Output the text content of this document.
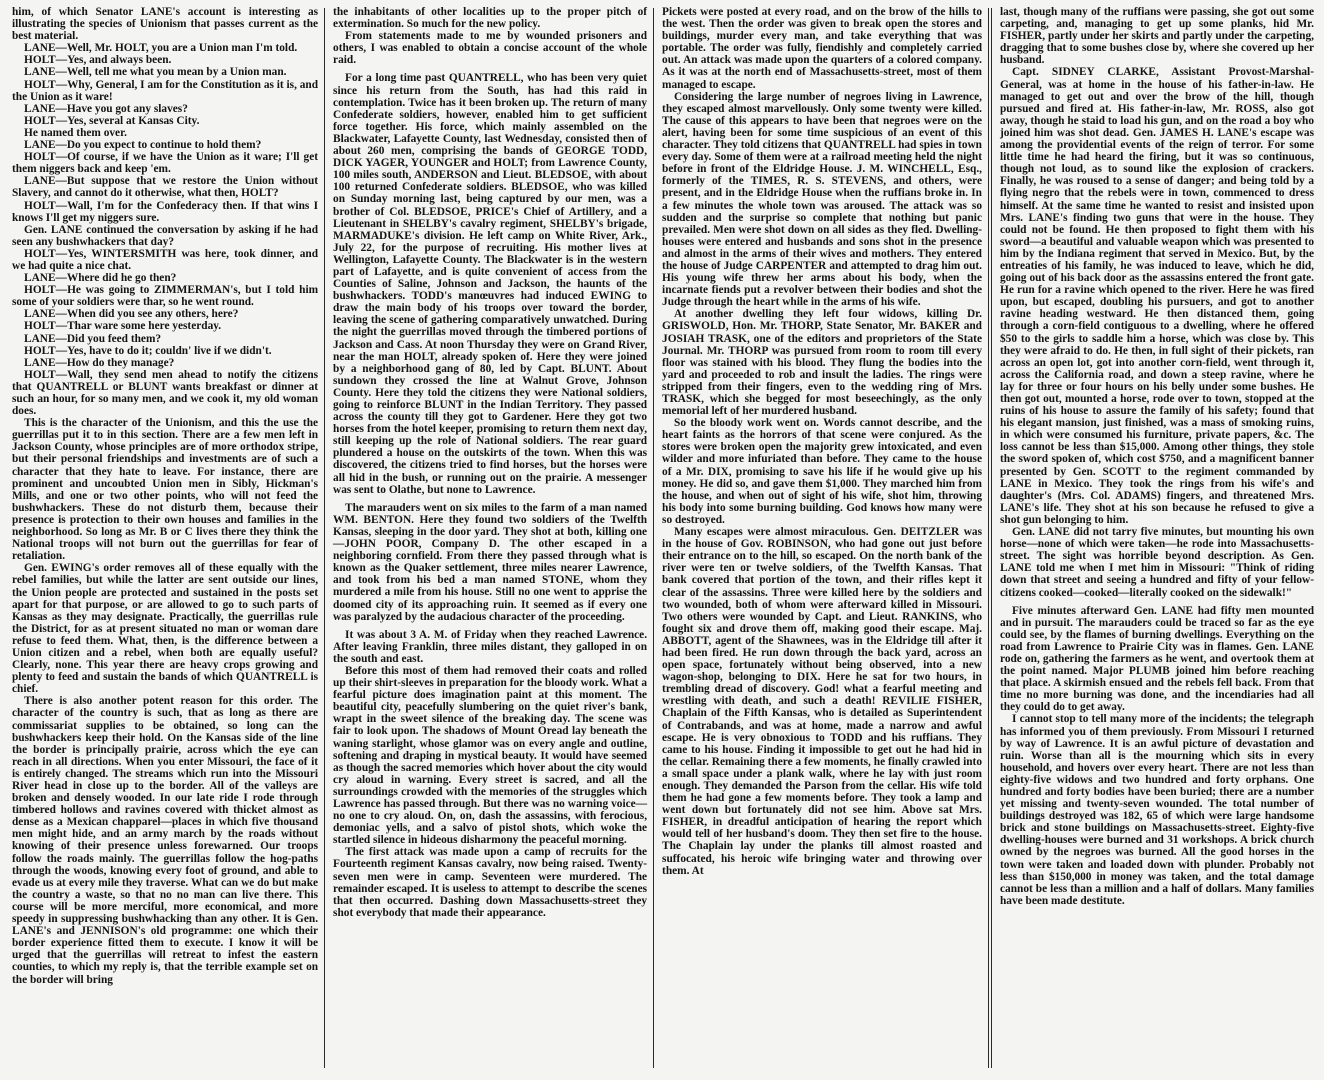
him, of which Senator LANE's account is interesting as illustrating the species of Unionism that passes current as the best material.

LANE—Well, Mr. HOLT, you are a Union man I'm told.

HOLT—Yes, and always been.

LANE—Well, tell me what you mean by a Union man.

HOLT—Why, General, I am for the Constitution as it is, and the Union as it ware!

LANE—Have you got any slaves?

HOLT—Yes, several at Kansas City.

He named them over.

LANE—Do you expect to continue to hold them?

HOLT—Of course, if we have the Union as it ware; I'll get them niggers back and keep 'em.

LANE—But suppose that we restore the Union without Slavery, and cannot do it otherwise, what then, HOLT?

HOLT—Wall, I'm for the Confederacy then. If that wins I knows I'll get my niggers sure.

Gen. LANE continued the conversation by asking if he had seen any bushwhackers that day?

HOLT—Yes, WINTERSMITH was here, took dinner, and we had quite a nice chat.

LANE—Where did he go then?

HOLT—He was going to ZIMMERMAN's, but I told him some of your soldiers were thar, so he went round.

LANE—When did you see any others, here?

HOLT—Thar ware some here yesterday.

LANE—Did you feed them?

HOLT—Yes, have to do it; couldn' live if we didn't.

LANE—How do they manage?

HOLT—Wall, they send men ahead to notify the citizens that QUANTRELL or BLUNT wants breakfast or dinner at such an hour, for so many men, and we cook it, my old woman does.

This is the character of the Unionism, and this the use the guerrillas put it to in this section. There are a few men left in Jackson County, whose principles are of more orthodox stripe, but their personal friendships and investments are of such a character that they hate to leave. For instance, there are prominent and uncoubted Union men in Sibly, Hickman's Mills, and one or two other points, who will not feed the bushwhackers. These do not disturb them, because their presence is protection to their own houses and families in the neighborhood. So long as Mr. B or C lives there they think the National troops will not burn out the guerrillas for fear of retaliation.

Gen. EWING's order removes all of these equally with the rebel families, but while the latter are sent outside our lines, the Union people are protected and sustained in the posts set apart for that purpose, or are allowed to go to such parts of Kansas as they may designate. Practically, the guerrillas rule the District, for as at present situated no man or woman dare refuse to feed them. What, then, is the difference between a Union citizen and a rebel, when both are equally useful? Clearly, none. This year there are heavy crops growing and plenty to feed and sustain the bands of which QUANTRELL is chief.

There is also another potent reason for this order. The character of the country is such, that as long as there are commissariat supplies to be obtained, so long can the bushwhackers keep their hold. On the Kansas side of the line the border is principally prairie, across which the eye can reach in all directions. When you enter Missouri, the face of it is entirely changed. The streams which run into the Missouri River head in close up to the border. All of the valleys are broken and densely wooded. In our late ride I rode through timbered hollows and ravines covered with thicket almost as dense as a Mexican chapparel—places in which five thousand men might hide, and an army march by the roads without knowing of their presence unless forewarned. Our troops follow the roads mainly. The guerrillas follow the hog-paths through the woods, knowing every foot of ground, and able to evade us at every mile they traverse. What can we do but make the country a waste, so that no no man can live there. This course will be more merciful, more economical, and more speedy in suppressing bushwhacking than any other. It is Gen. LANE's and JENNISON's old programme: one which their border experience fitted them to execute. I know it will be urged that the guerrillas will retreat to infest the eastern counties, to which my reply is, that the terrible example set on the border will bring

the inhabitants of other localities up to the proper pitch of extermination. So much for the new policy.

From statements made to me by wounded prisoners and others, I was enabled to obtain a concise account of the whole raid.

For a long time past QUANTRELL, who has been very quiet since his return from the South, has had this raid in contemplation. Twice has it been broken up. The return of many Confederate soldiers, however, enabled him to get sufficient force together. His force, which mainly assembled on the Blackwater, Lafayette County, last Wednesday, consisted then of about 260 men, comprising the bands of GEORGE TODD, DICK YAGER, YOUNGER and HOLT; from Lawrence County, 100 miles south, ANDERSON and Lieut. BLEDSOE, with about 100 returned Confederate soldiers. BLEDSOE, who was killed on Sunday morning last, being captured by our men, was a brother of Col. BLEDSOE, PRICE's Chief of Artillery, and a Lieutenant in SHELBY's cavalry regiment, SHELBY's brigade, MARMADUKE's division. He left camp on White River, Ark., July 22, for the purpose of recruiting. His mother lives at Wellington, Lafayette County. The Blackwater is in the western part of Lafayette, and is quite convenient of access from the Counties of Saline, Johnson and Jackson, the haunts of the bushwhackers. TODD's manœuvres had induced EWING to draw the main body of his troops over toward the border, leaving the scene of gathering comparatively unwatched. During the night the guerrillas moved through the timbered portions of Jackson and Cass. At noon Thursday they were on Grand River, near the man HOLT, already spoken of. Here they were joined by a neighborhood gang of 80, led by Capt. BLUNT. About sundown they crossed the line at Walnut Grove, Johnson County. Here they told the citizens they were National soldiers, going to reinforce BLUNT in the Indian Territory. They passed across the county till they got to Gardener. Here they got two horses from the hotel keeper, promising to return them next day, still keeping up the role of National soldiers. The rear guard plundered a house on the outskirts of the town. When this was discovered, the citizens tried to find horses, but the horses were all hid in the bush, or running out on the prairie. A messenger was sent to Olathe, but none to Lawrence.

The marauders went on six miles to the farm of a man named WM. BENTON. Here they found two soldiers of the Twelfth Kansas, sleeping in the door yard. They shot at both, killing one—JOHN POOR, Company D. The other escaped in a neighboring cornfield. From there they passed through what is known as the Quaker settlement, three miles nearer Lawrence, and took from his bed a man named STONE, whom they murdered a mile from his house. Still no one went to apprise the doomed city of its approaching ruin. It seemed as if every one was paralyzed by the audacious character of the proceeding.

It was about 3 A. M. of Friday when they reached Lawrence. After leaving Franklin, three miles distant, they galloped in on the south and east.

Before this most of them had removed their coats and rolled up their shirt-sleeves in preparation for the bloody work. What a fearful picture does imagination paint at this moment. The beautiful city, peacefully slumbering on the quiet river's bank, wrapt in the sweet silence of the breaking day. The scene was fair to look upon. The shadows of Mount Oread lay beneath the waning starlight, whose glamor was on every angle and outline, softening and draping in mystical beauty. It would have seemed as though the sacred memories which hover about the city would cry aloud in warning. Every street is sacred, and all the surroundings crowded with the memories of the struggles which Lawrence has passed through. But there was no warning voice—no one to cry aloud. On, on, dash the assassins, with ferocious, demoniac yells, and a salvo of pistol shots, which woke the startled silence in hideous disharmony the peaceful morning.

The first attack was made upon a camp of recruits for the Fourteenth regiment Kansas cavalry, now being raised. Twenty-seven men were in camp. Seventeen were murdered. The remainder escaped. It is useless to attempt to describe the scenes that then occurred. Dashing down Massachusetts-street they shot everybody that made their appearance.

Pickets were posted at every road, and on the brow of the hills to the west. Then the order was given to break open the stores and buildings, murder every man, and take everything that was portable. The order was fully, fiendishly and completely carried out. An attack was made upon the quarters of a colored company. As it was at the north end of Massachusetts-street, most of them managed to escape.

Considering the large number of negroes living in Lawrence, they escaped almost marvellously. Only some twenty were killed. The cause of this appears to have been that negroes were on the alert, having been for some time suspicious of an event of this character. They told citizens that QUANTRELL had spies in town every day. Some of them were at a railroad meeting held the night before in front of the Eldridge House. J. M. WINCHELL, Esq., formerly of the TIMES, R. S. STEVENS, and others, were present, and in the Eldridge House when the ruffians broke in. In a few minutes the whole town was aroused. The attack was so sudden and the surprise so complete that nothing but panic prevailed. Men were shot down on all sides as they fled. Dwelling-houses were entered and husbands and sons shot in the presence and almost in the arms of their wives and mothers. They entered the house of Judge CARPENTER and attempted to drag him out. His young wife threw her arms about his body, when the incarnate fiends put a revolver between their bodies and shot the Judge through the heart while in the arms of his wife.

At another dwelling they left four widows, killing Dr. GRISWOLD, Hon. Mr. THORP, State Senator, Mr. BAKER and JOSIAH TRASK, one of the editors and proprietors of the State Journal. Mr. THORP was pursued from room to room till every floor was stained with his blood. They flung the bodies into the yard and proceeded to rob and insult the ladies. The rings were stripped from their fingers, even to the wedding ring of Mrs. TRASK, which she begged for most beseechingly, as the only memorial left of her murdered husband.

So the bloody work went on. Words cannot describe, and the heart faints as the horrors of that scene were conjured. As the stores were broken open the majority grew intoxicated, and even wilder and more infuriated than before. They came to the house of a Mr. DIX, promising to save his life if he would give up his money. He did so, and gave them $1,000. They marched him from the house, and when out of sight of his wife, shot him, throwing his body into some burning building. God knows how many were so destroyed.

Many escapes were almost miraculous. Gen. DEITZLER was in the house of Gov. ROBINSON, who had gone out just before their entrance on to the hill, so escaped. On the north bank of the river were ten or twelve soldiers, of the Twelfth Kansas. That bank covered that portion of the town, and their rifles kept it clear of the assassins. Three were killed here by the soldiers and two wounded, both of whom were afterward killed in Missouri. Two others were wounded by Capt. and Lieut. RANKINS, who fought six and drove them off, making good their escape. Maj. ABBOTT, agent of the Shawnees, was in the Eldridge till after it had been fired. He run down through the back yard, across an open space, fortunately without being observed, into a new wagon-shop, belonging to DIX. Here he sat for two hours, in trembling dread of discovery. God! what a fearful meeting and wrestling with death, and such a death! REVILIE FISHER, Chaplain of the Fifth Kansas, who is detailed as Superintendent of Contrabands, and was at home, made a narrow and awful escape. He is very obnoxious to TODD and his ruffians. They came to his house. Finding it impossible to get out he had hid in the cellar. Remaining there a few moments, he finally crawled into a small space under a plank walk, where he lay with just room enough. They demanded the Parson from the cellar. His wife told them he had gone a few moments before. They took a lamp and went down but fortunately did not see him. Above sat Mrs. FISHER, in dreadful anticipation of hearing the report which would tell of her husband's doom. They then set fire to the house. The Chaplain lay under the planks till almost roasted and suffocated, his heroic wife bringing water and throwing over them. At

last, though many of the ruffians were passing, she got out some carpeting, and, managing to get up some planks, hid Mr. FISHER, partly under her skirts and partly under the carpeting, dragging that to some bushes close by, where she covered up her husband.

Capt. SIDNEY CLARKE, Assistant Provost-Marshal-General, was at home in the house of his father-in-law. He managed to get out and over the brow of the hill, though pursued and fired at. His father-in-law, Mr. ROSS, also got away, though he staid to load his gun, and on the road a boy who joined him was shot dead. Gen. JAMES H. LANE's escape was among the providential events of the reign of terror. For some little time he had heard the firing, but it was so continuous, though not loud, as to sound like the explosion of crackers. Finally, he was roused to a sense of danger; and being told by a flying negro that the rebels were in town, commenced to dress himself. At the same time he wanted to resist and insisted upon Mrs. LANE's finding two guns that were in the house. They could not be found. He then proposed to fight them with his sword—a beautiful and valuable weapon which was presented to him by the Indiana regiment that served in Mexico. But, by the entreaties of his family, he was induced to leave, which he did, going out of his back door as the assassins entered the front gate. He run for a ravine which opened to the river. Here he was fired upon, but escaped, doubling his pursuers, and got to another ravine heading westward. He then distanced them, going through a corn-field contiguous to a dwelling, where he offered $50 to the girls to saddle him a horse, which was close by. This they were afraid to do. He then, in full sight of their pickets, ran across an open lot, got into another corn-field, went through it, across the California road, and down a steep ravine, where he lay for three or four hours on his belly under some bushes. He then got out, mounted a horse, rode over to town, stopped at the ruins of his house to assure the family of his safety; found that his elegant mansion, just finished, was a mass of smoking ruins, in which were consumed his furniture, private papers, &c. The loss cannot be less than $15,000. Among other things, they stole the sword spoken of, which cost $750, and a magnificent banner presented by Gen. SCOTT to the regiment commanded by LANE in Mexico. They took the rings from his wife's and daughter's (Mrs. Col. ADAMS) fingers, and threatened Mrs. LANE's life. They shot at his son because he refused to give a shot gun belonging to him.

Gen. LANE did not tarry five minutes, but mounting his own horse—none of which were taken—he rode into Massachusetts-street. The sight was horrible beyond description. As Gen. LANE told me when I met him in Missouri: "Think of riding down that street and seeing a hundred and fifty of your fellow-citizens cooked—cooked—literally cooked on the sidewalk!"

Five minutes afterward Gen. LANE had fifty men mounted and in pursuit. The marauders could be traced so far as the eye could see, by the flames of burning dwellings. Everything on the road from Lawrence to Prairie City was in flames. Gen. LANE rode on, gathering the farmers as he went, and overtook them at the point named. Major PLUMB joined him before reaching that place. A skirmish ensued and the rebels fell back. From that time no more burning was done, and the incendiaries had all they could do to get away.

I cannot stop to tell many more of the incidents; the telegraph has informed you of them previously. From Missouri I returned by way of Lawrence. It is an awful picture of devastation and ruin. Worse than all is the mourning which sits in every household, and hovers over every heart. There are not less than eighty-five widows and two hundred and forty orphans. One hundred and forty bodies have been buried; there are a number yet missing and twenty-seven wounded. The total number of buildings destroyed was 182, 65 of which were large handsome brick and stone buildings on Massachusetts-street. Eighty-five dwelling-houses were burned and 31 workshops. A brick church owned by the negroes was burned. All the good horses in the town were taken and loaded down with plunder. Probably not less than $150,000 in money was taken, and the total damage cannot be less than a million and a half of dollars. Many families have been made destitute.
